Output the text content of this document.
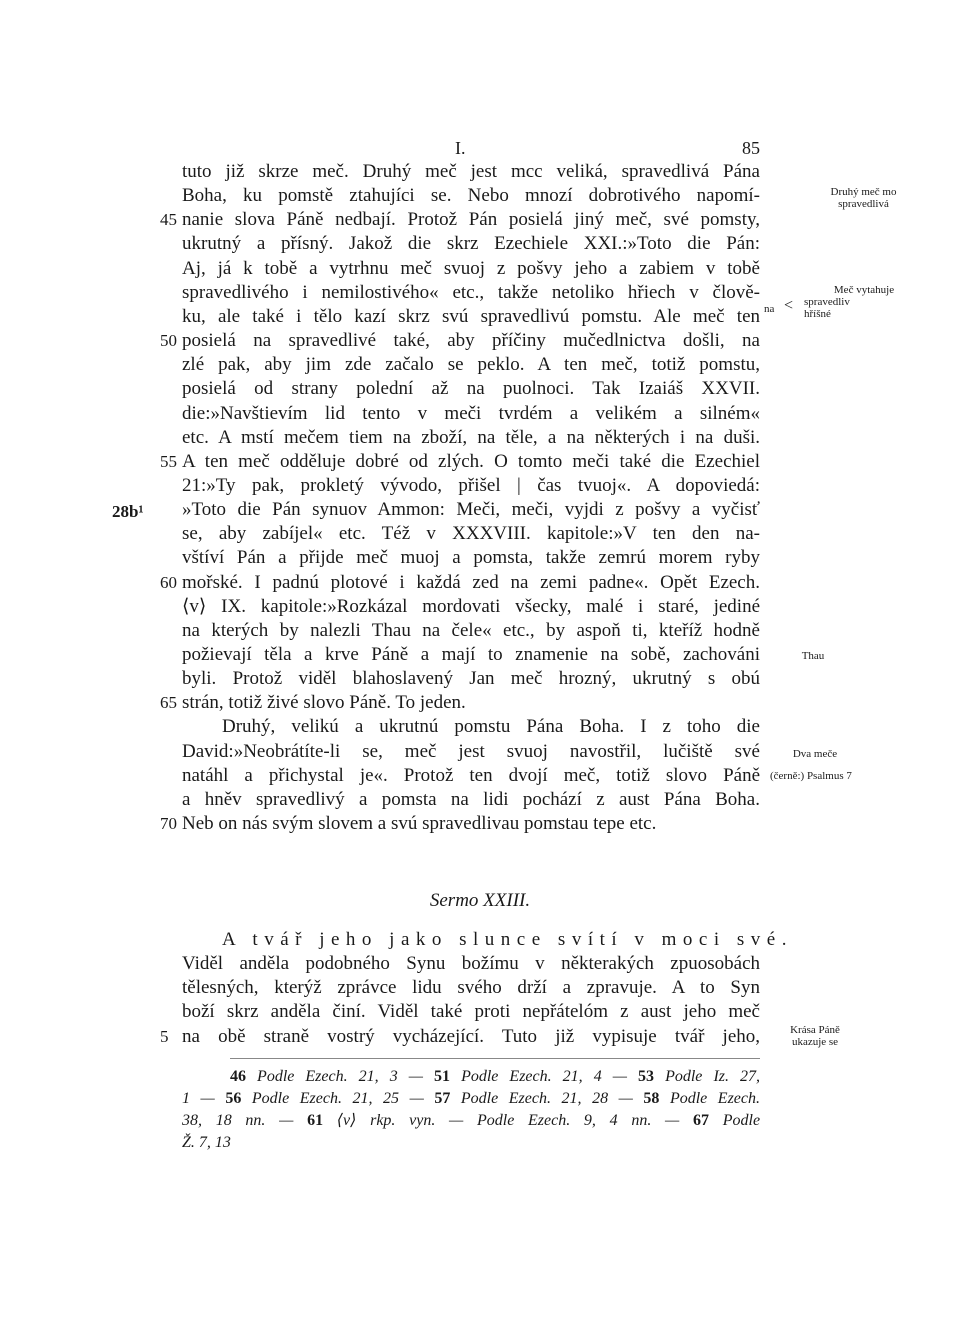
I.	85
tuto již skrze meč. Druhý meč jest mcc veliká, spravedlivá Pána
Boha, ku pomstě ztahujíci se. Nebo mnozí dobrotivého napomí-
nanie slova Páně nedbají. Protož Pán posielá jiný meč, své pomsty,
45
ukrutný a přísný. Jakož die skrz Ezechiele XXI.:»Toto die Pán:
Aj, já k tobě a vytrhnu meč svuoj z pošvy jeho a zabiem v tobě
spravedlivého i nemilostivého« etc., takže netoliko hřiech v člově-
ku, ale také i tělo kazí skrz svú spravedlivú pomstu. Ale meč ten
posielá na spravedlivé také, aby příčiny mučedlnictva došli, na
50
zlé pak, aby jim zde začalo se peklo. A ten meč, totiž pomstu,
posielá od strany polední až na puolnoci. Tak Izaiáš XXVII.
die:»Navštievím lid tento v meči tvrdém a velikém a silném«
etc. A mstí mečem tiem na zboží, na těle, a na některých i na duši.
A ten meč odděluje dobré od zlých. O tomto meči také die Ezechiel
55
21:»Ty pak, prokletý vývodo, přišel | čas tvuoj«. A dopoviedá:
»Toto die Pán synuov Ammon: Meči, meči, vyjdi z pošvy a vyčisť
se, aby zabíjel« etc. Též v XXXVIII. kapitole:»V ten den na-
vštíví Pán a přijde meč muoj a pomsta, takže zemrú morem ryby
mořské. I padnú plotové i každá zed na zemi padne«. Opět Ezech.
60
⟨v⟩ IX. kapitole:»Rozkázal mordovati všecky, malé i staré, jediné
na kterých by nalezli Thau na čele« etc., by aspoň ti, kteříž hodně
požievají těla a krve Páně a mají to znamenie na sobě, zachováni
byli. Protož viděl blahoslavený Jan meč hrozný, ukrutný s obú
strán, totiž živé slovo Páně. To jeden.
65
Druhý, velikú a ukrutnú pomstu Pána Boha. I z toho die
David:»Neobrátíte-li se, meč jest svuoj navostřil, lučiště své
natáhl a přichystal je«. Protož ten dvojí meč, totiž slovo Páně
a hněv spravedlivý a pomsta na lidi pochází z aust Pána Boha.
Neb on nás svým slovem a svú spravedlivau pomstau tepe etc.
70
28b¹
Druhý meč mo
spravedlivá
Meč vytahuje
na < spravedliv
hříšné
Thau
Dva meče
(černě:) Psalmus 7
Krása Páně
ukazuje se
Sermo XXIII.
A tvář jeho jako slunce svítí v moci své.
Viděl anděla podobného Synu božímu v některakých zpuosobách
tělesných, kterýž zprávce lidu svého drží a zpravuje. A to Syn
boží skrz anděla činí. Viděl také proti nepřátelóm z aust jeho meč
na obě straně vostrý vycházející. Tuto již vypisuje tvář jeho,
5
46 Podle Ezech. 21, 3 — 51 Podle Ezech. 21, 4 — 53 Podle Iz. 27,
1 — 56 Podle Ezech. 21, 25 — 57 Podle Ezech. 21, 28 — 58 Podle Ezech.
38, 18 nn. — 61 ⟨v⟩ rkp. vyn. — Podle Ezech. 9, 4 nn. — 67 Podle
Ž. 7, 13
